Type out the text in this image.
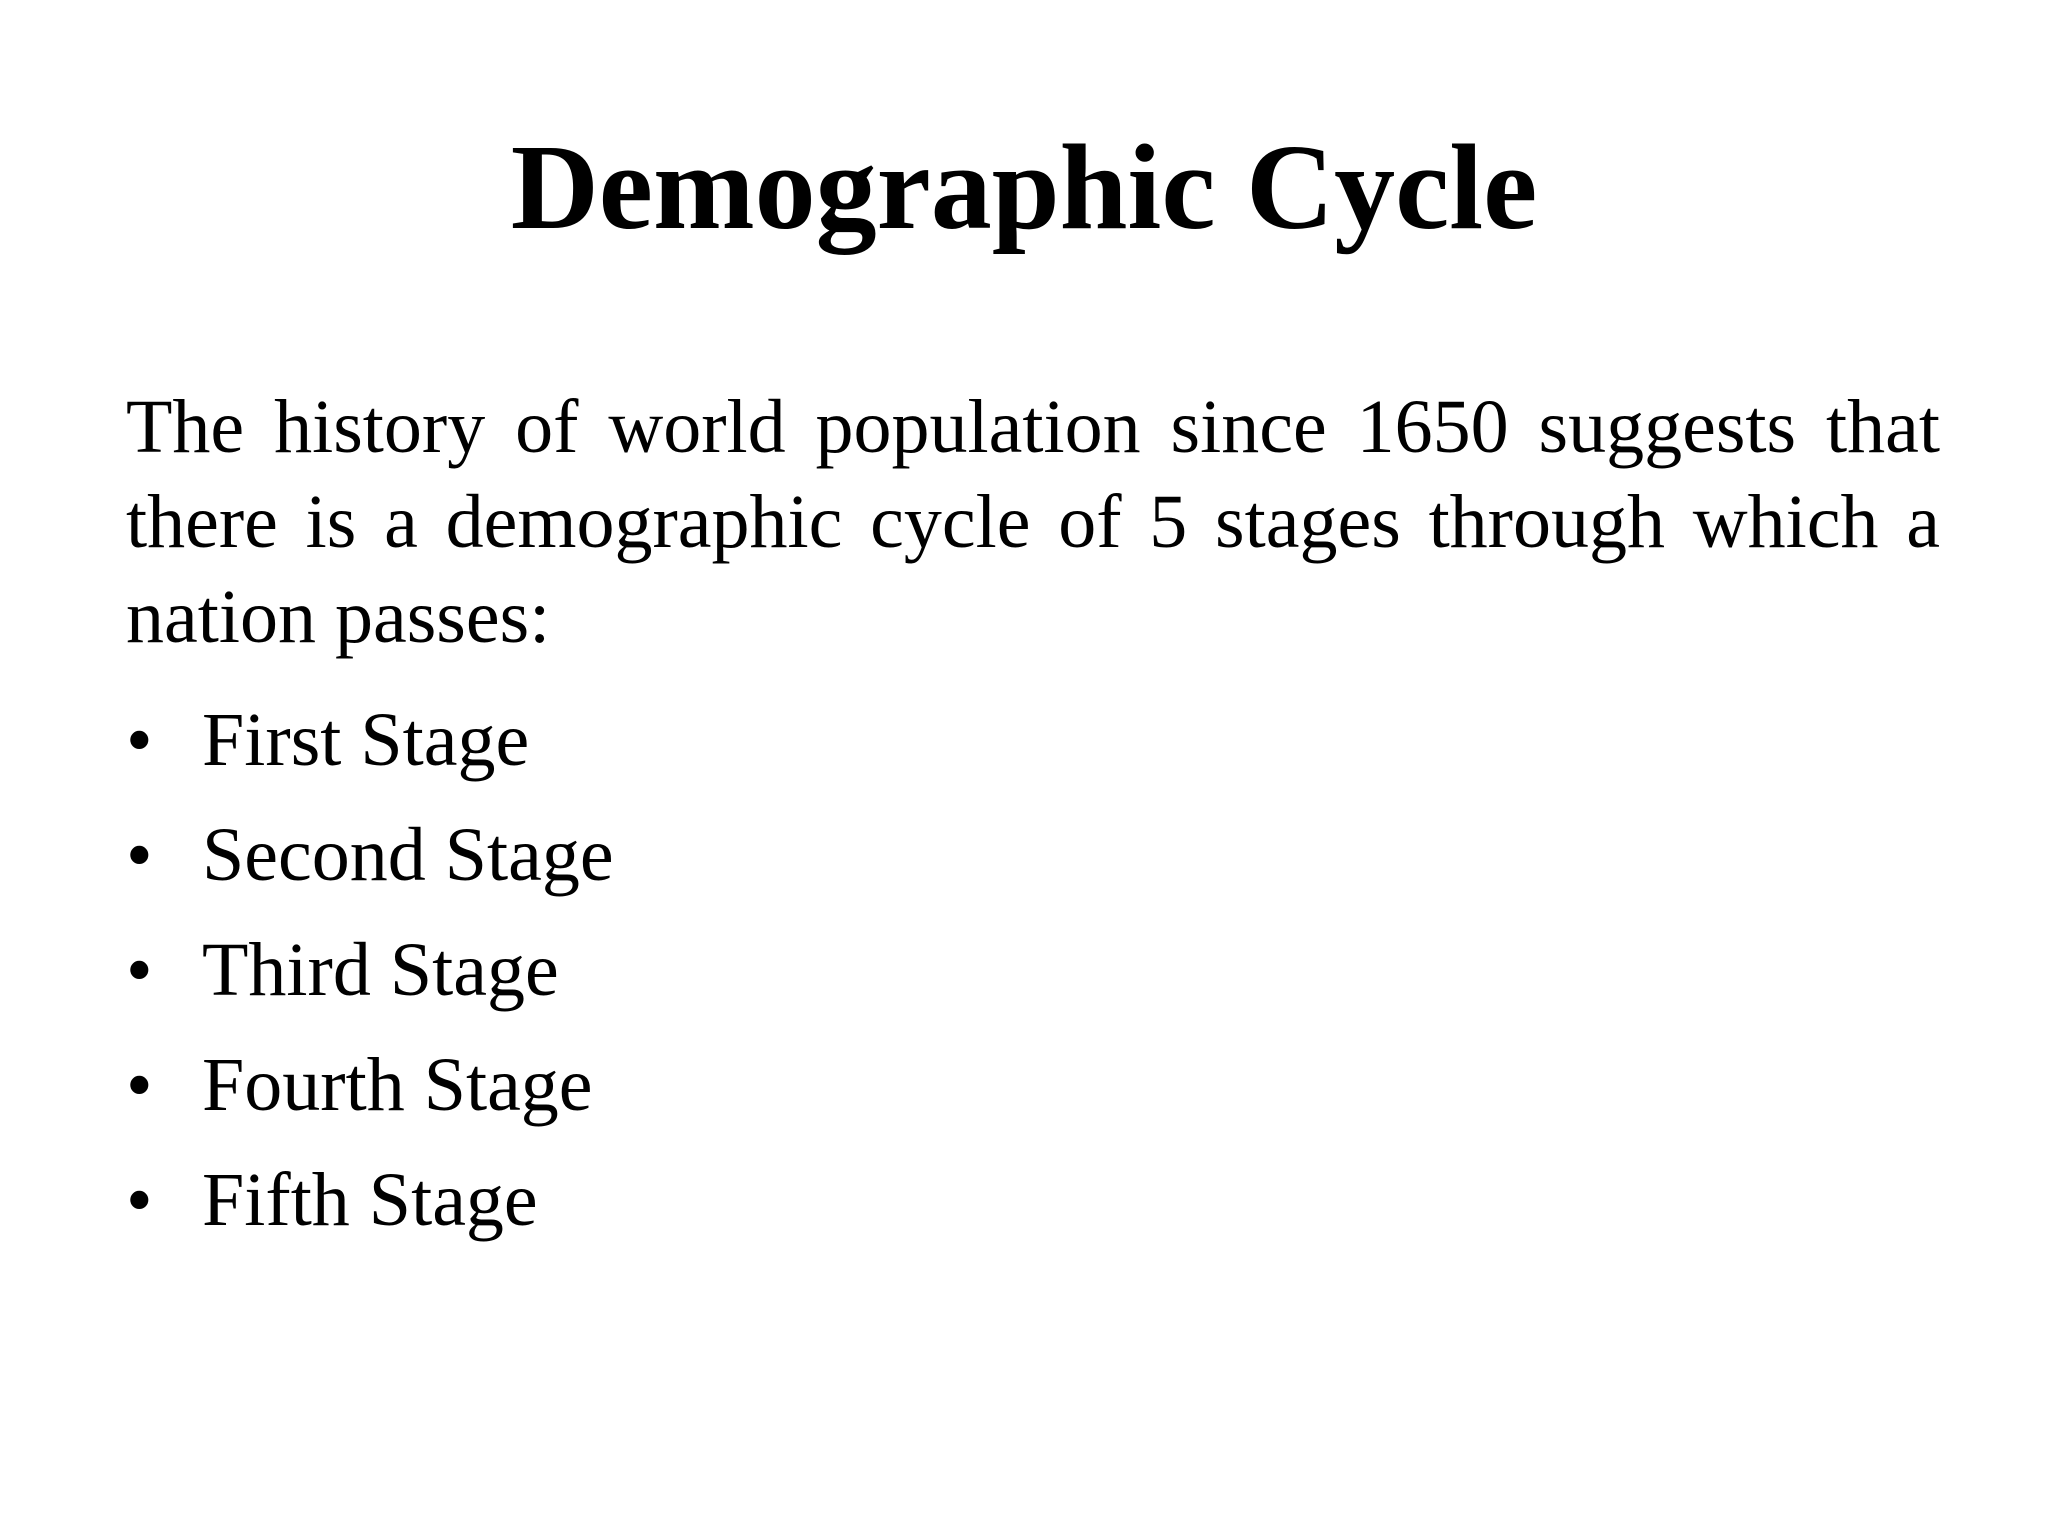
Demographic Cycle

The history of world population since 1650 suggests that there is a demographic cycle of 5 stages through which a nation passes:

• First Stage
• Second Stage
• Third Stage
• Fourth Stage
• Fifth Stage
